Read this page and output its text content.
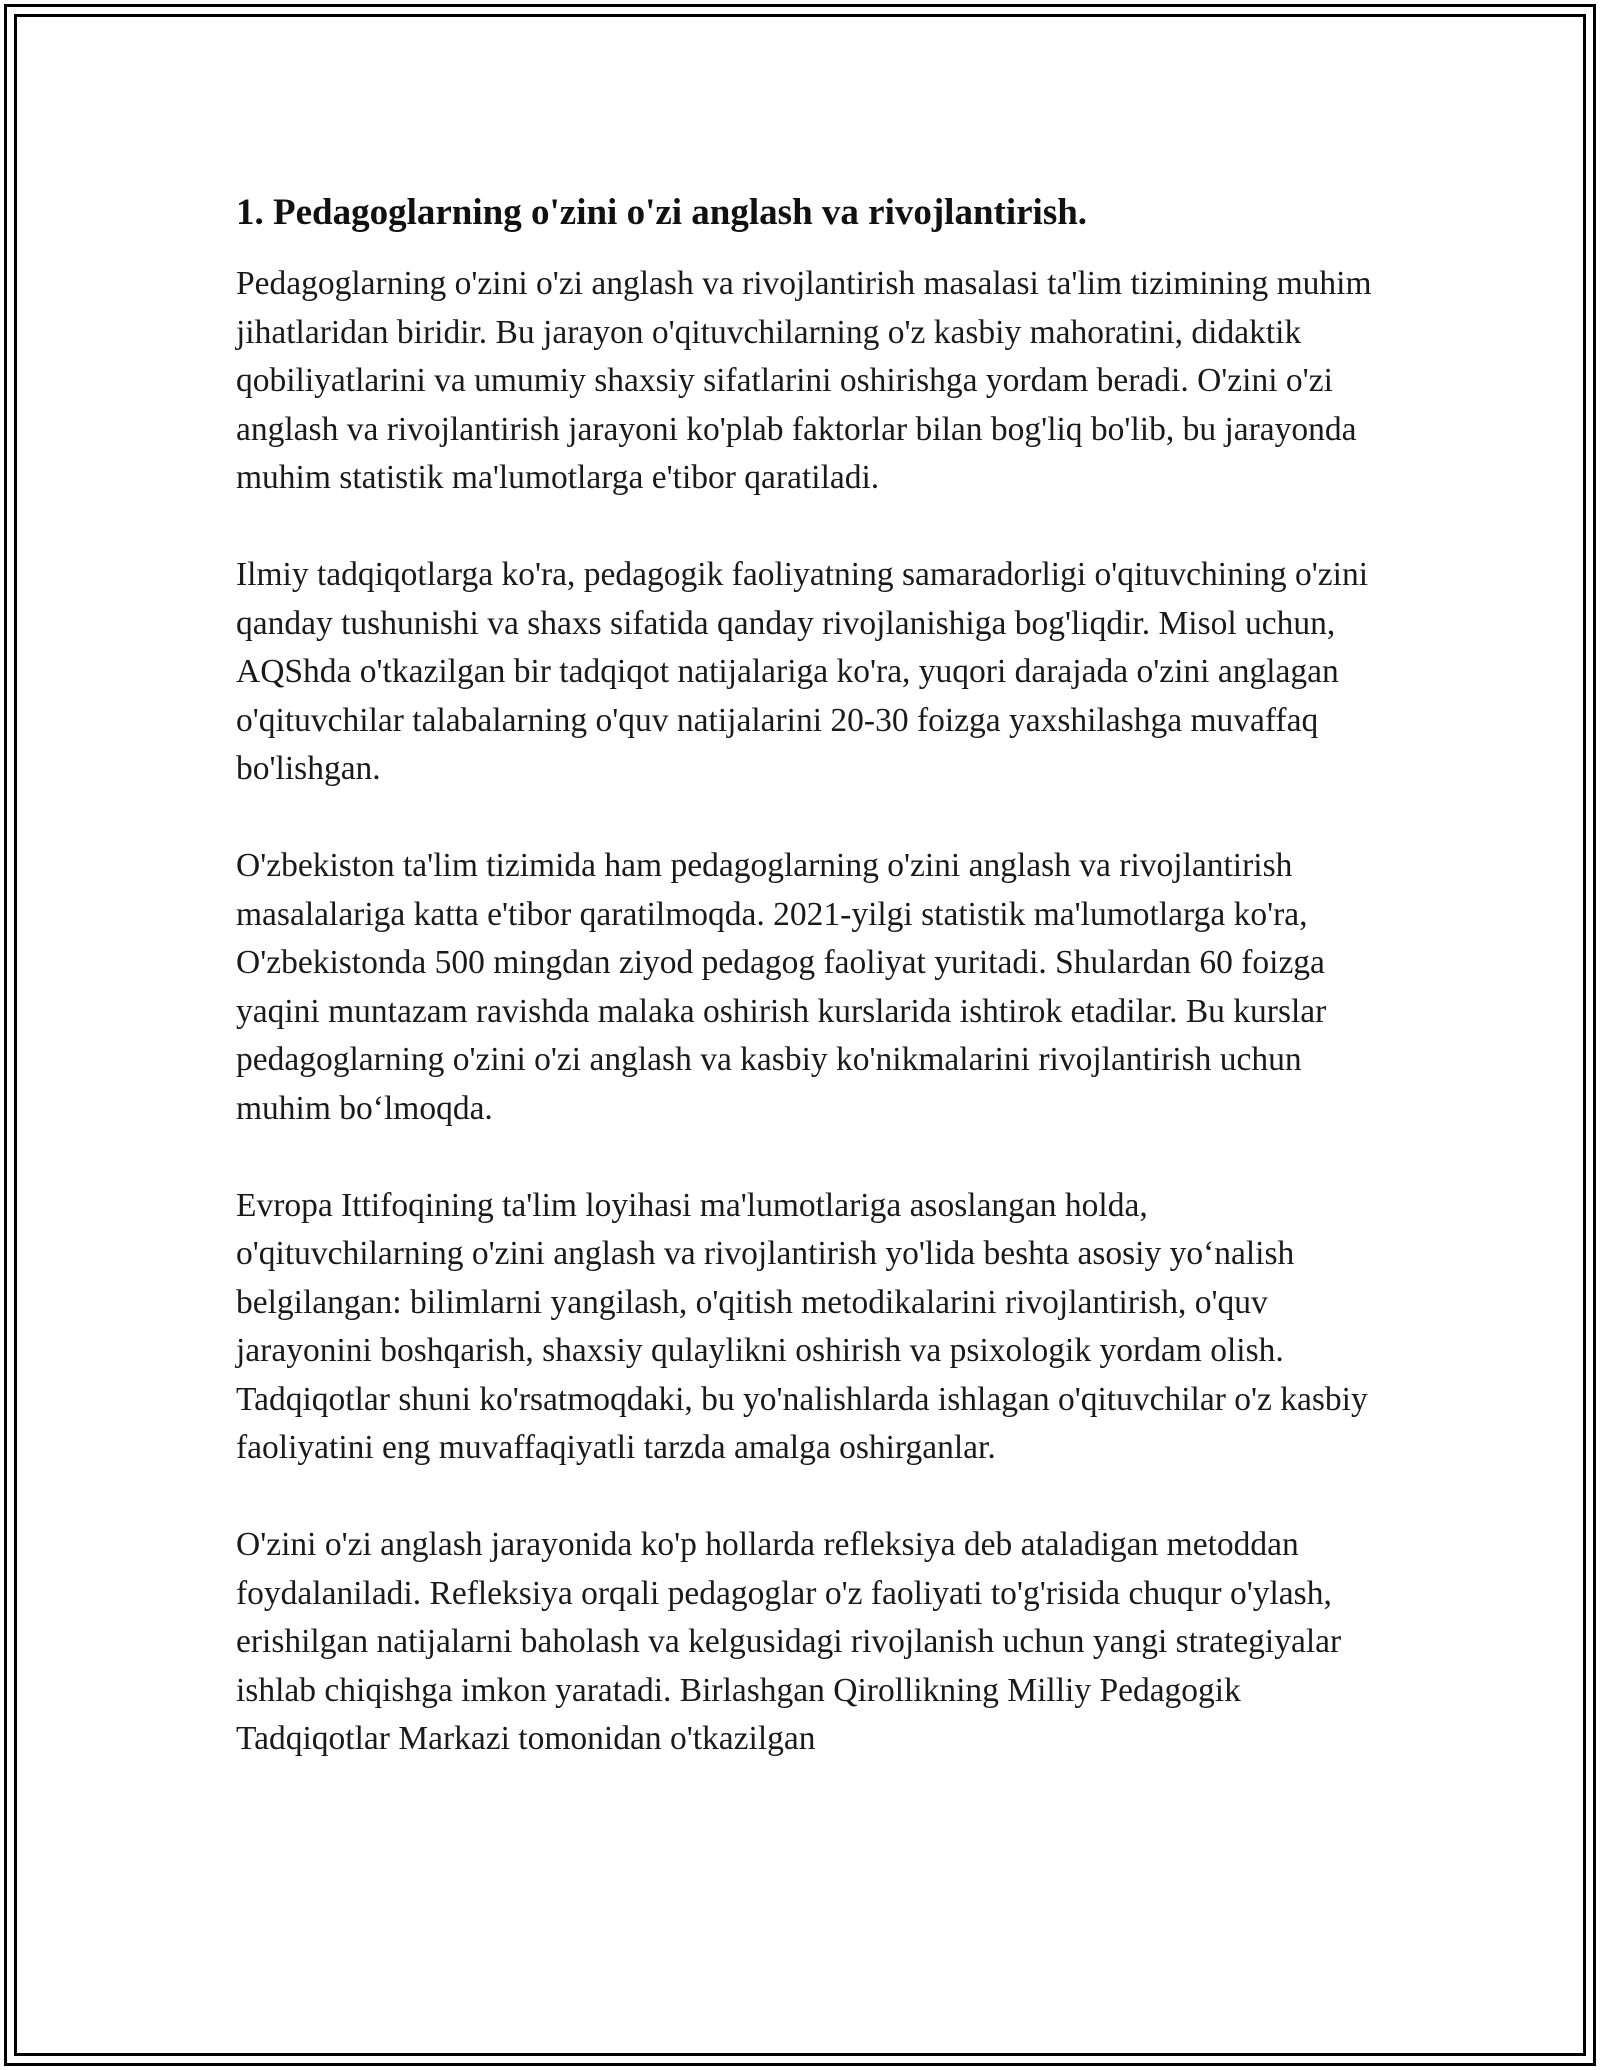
1. Pedagoglarning o'zini o'zi anglash va rivojlantirish.

Pedagoglarning o'zini o'zi anglash va rivojlantirish masalasi ta'lim tizimining muhim jihatlaridan biridir. Bu jarayon o'qituvchilarning o'z kasbiy mahoratini, didaktik qobiliyatlarini va umumiy shaxsiy sifatlarini oshirishga yordam beradi. O'zini o'zi anglash va rivojlantirish jarayoni ko'plab faktorlar bilan bog'liq bo'lib, bu jarayonda muhim statistik ma'lumotlarga e'tibor qaratiladi.

Ilmiy tadqiqotlarga ko'ra, pedagogik faoliyatning samaradorligi o'qituvchining o'zini qanday tushunishi va shaxs sifatida qanday rivojlanishiga bog'liqdir. Misol uchun, AQShda o'tkazilgan bir tadqiqot natijalariga ko'ra, yuqori darajada o'zini anglagan o'qituvchilar talabalarning o'quv natijalarini 20-30 foizga yaxshilashga muvaffaq bo'lishgan.

O'zbekiston ta'lim tizimida ham pedagoglarning o'zini anglash va rivojlantirish masalalariga katta e'tibor qaratilmoqda. 2021-yilgi statistik ma'lumotlarga ko'ra, O'zbekistonda 500 mingdan ziyod pedagog faoliyat yuritadi. Shulardan 60 foizga yaqini muntazam ravishda malaka oshirish kurslarida ishtirok etadilar. Bu kurslar pedagoglarning o'zini o'zi anglash va kasbiy ko'nikmalarini rivojlantirish uchun muhim bo‘lmoqda.

Evropa Ittifoqining ta'lim loyihasi ma'lumotlariga asoslangan holda, o'qituvchilarning o'zini anglash va rivojlantirish yo'lida beshta asosiy yo‘nalish belgilangan: bilimlarni yangilash, o'qitish metodikalarini rivojlantirish, o'quv jarayonini boshqarish, shaxsiy qulaylikni oshirish va psixologik yordam olish. Tadqiqotlar shuni ko'rsatmoqdaki, bu yo'nalishlarda ishlagan o'qituvchilar o'z kasbiy faoliyatini eng muvaffaqiyatli tarzda amalga oshirganlar.

O'zini o'zi anglash jarayonida ko'p hollarda refleksiya deb ataladigan metoddan foydalaniladi. Refleksiya orqali pedagoglar o'z faoliyati to'g'risida chuqur o'ylash, erishilgan natijalarni baholash va kelgusidagi rivojlanish uchun yangi strategiyalar ishlab chiqishga imkon yaratadi. Birlashgan Qirollikning Milliy Pedagogik Tadqiqotlar Markazi tomonidan o'tkazilgan
